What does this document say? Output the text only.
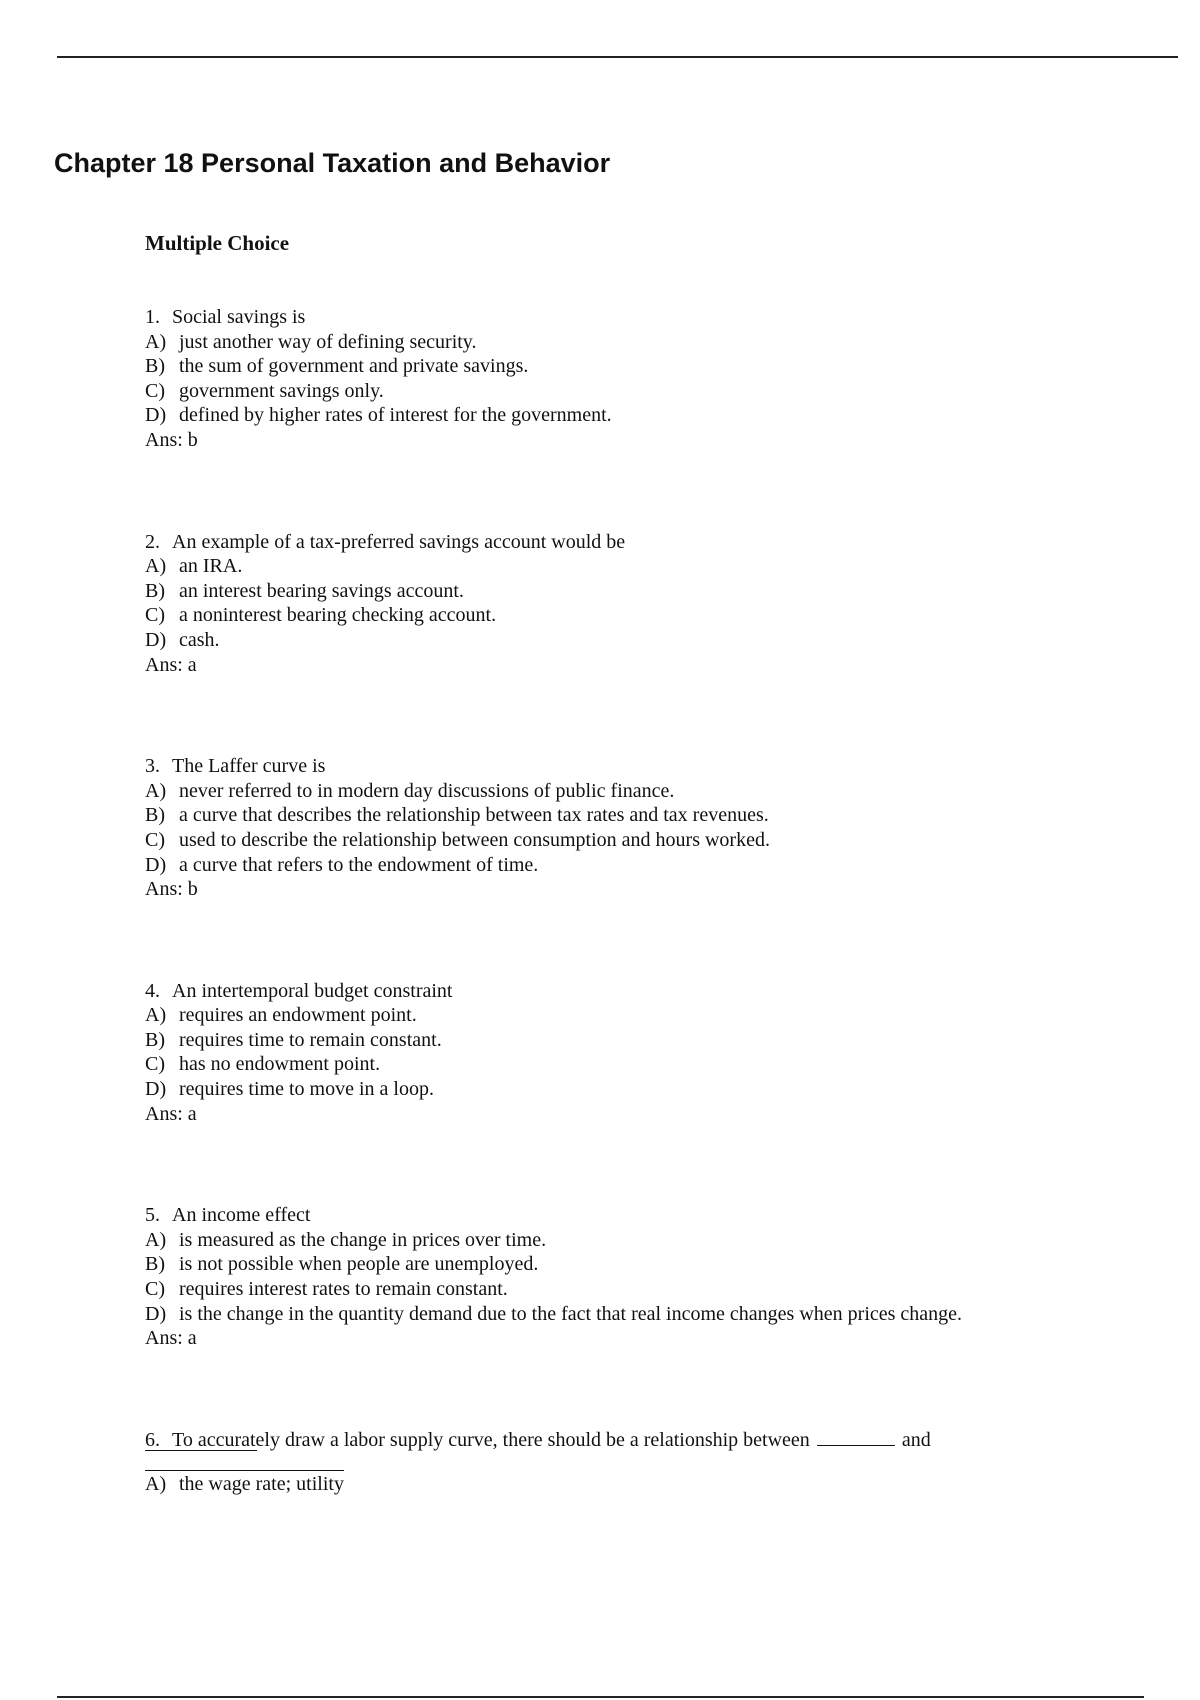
Chapter 18 Personal Taxation and Behavior
Multiple Choice
1. Social savings is
A) just another way of defining security.
B) the sum of government and private savings.
C) government savings only.
D) defined by higher rates of interest for the government.
Ans: b
2. An example of a tax-preferred savings account would be
A) an IRA.
B) an interest bearing savings account.
C) a noninterest bearing checking account.
D) cash.
Ans: a
3. The Laffer curve is
A) never referred to in modern day discussions of public finance.
B) a curve that describes the relationship between tax rates and tax revenues.
C) used to describe the relationship between consumption and hours worked.
D) a curve that refers to the endowment of time.
Ans: b
4. An intertemporal budget constraint
A) requires an endowment point.
B) requires time to remain constant.
C) has no endowment point.
D) requires time to move in a loop.
Ans: a
5. An income effect
A) is measured as the change in prices over time.
B) is not possible when people are unemployed.
C) requires interest rates to remain constant.
D) is the change in the quantity demand due to the fact that real income changes when prices change.
Ans: a
6. To accurately draw a labor supply curve, there should be a relationship between	and
A) the wage rate; utility
